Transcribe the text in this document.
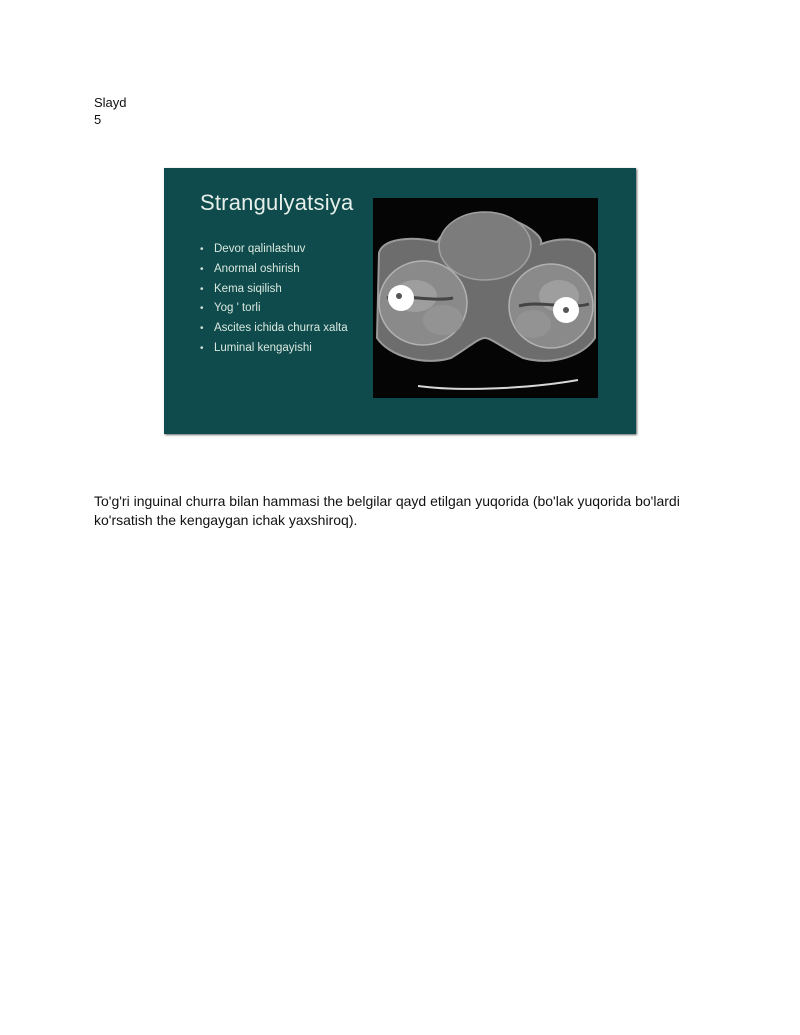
Slayd
5
Strangulyatsiya
• Devor qalinlashuv
• Anormal oshirish
• Kema siqilish
• Yog ' torli
• Ascites ichida churra xalta
• Luminal kengayishi

To'g'ri inguinal churra bilan hammasi the belgilar qayd etilgan yuqorida (bo'lak yuqorida bo'lardi ko'rsatish the kengaygan ichak yaxshiroq).
